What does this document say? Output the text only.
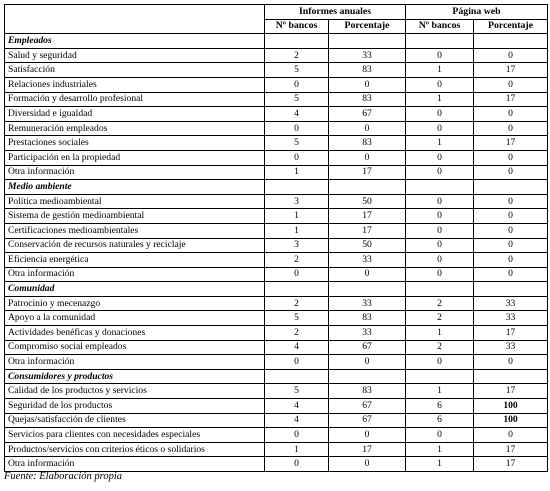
	Informes anuales		Página web	
	Nº bancos	Porcentaje	Nº bancos	Porcentaje
Empleados				
Salud y seguridad	2	33	0	0
Satisfacción	5	83	1	17
Relaciones industriales	0	0	0	0
Formación y desarrollo profesional	5	83	1	17
Diversidad e igualdad	4	67	0	0
Remuneración empleados	0	0	0	0
Prestaciones sociales	5	83	1	17
Participación en la propiedad	0	0	0	0
Otra información	1	17	0	0
Medio ambiente				
Política medioambiental	3	50	0	0
Sistema de gestión medioambiental	1	17	0	0
Certificaciones medioambientales	1	17	0	0
Conservación de recursos naturales y reciclaje	3	50	0	0
Eficiencia energética	2	33	0	0
Otra información	0	0	0	0
Comunidad				
Patrocinio y mecenazgo	2	33	2	33
Apoyo a la comunidad	5	83	2	33
Actividades benéficas y donaciones	2	33	1	17
Compromiso social empleados	4	67	2	33
Otra información	0	0	0	0
Consumidores y productos				
Calidad de los productos y servicios	5	83	1	17
Seguridad de los productos	4	67	6	100
Quejas/satisfacción de clientes	4	67	6	100
Servicios para clientes con necesidades especiales	0	0	0	0
Productos/servicios con criterios éticos o solidarios	1	17	1	17
Otra información	0	0	1	17
Fuente: Elaboración propia
